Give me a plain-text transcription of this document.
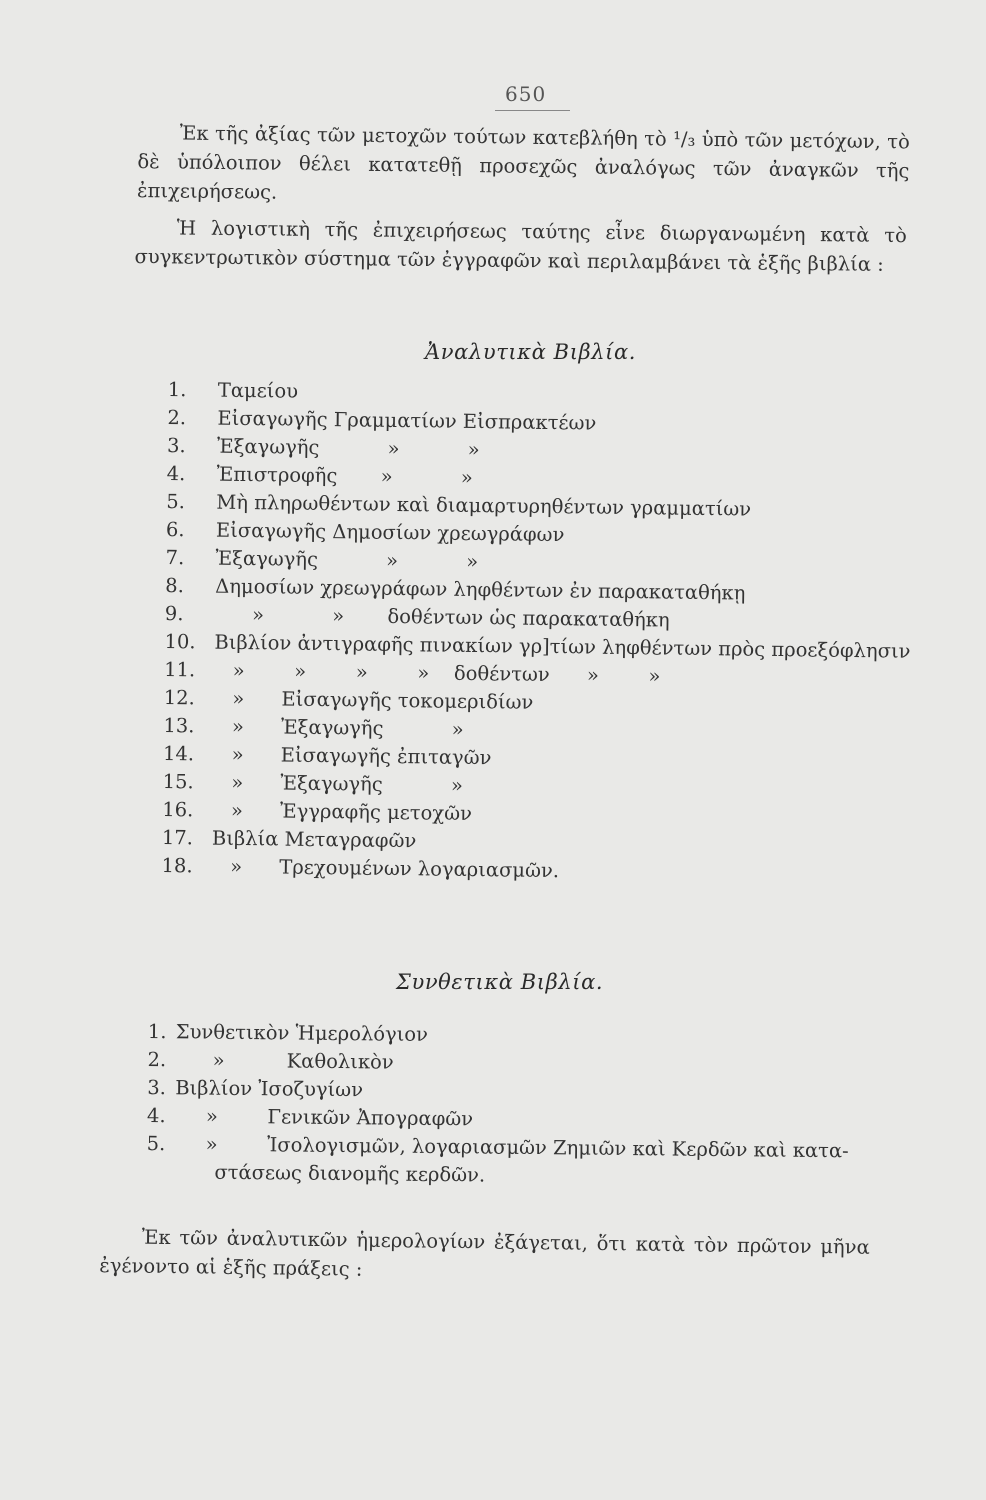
650

Ἐκ τῆς ἀξίας τῶν μετοχῶν τούτων κατεβλήθη τὸ ¹/₃ ὑπὸ τῶν μετόχων, τὸ δὲ ὑπόλοιπον θέλει κατατεθῇ προσεχῶς ἀναλόγως τῶν ἀναγκῶν τῆς ἐπιχειρήσεως.

Ἡ λογιστικὴ τῆς ἐπιχειρήσεως ταύτης εἶνε διωργανωμένη κατὰ τὸ συγκεντρωτικὸν σύστημα τῶν ἐγγραφῶν καὶ περιλαμβάνει τὰ ἑξῆς βιβλία :

Ἀναλυτικὰ Βιβλία.
1.	Ταμείου
2.	Εἰσαγωγῆς Γραμματίων Εἰσπρακτέων
3.	Ἐξαγωγῆς           »           »
4.	Ἐπιστροφῆς       »           »
5.	Μὴ πληρωθέντων καὶ διαμαρτυρηθέντων γραμματίων
6.	Εἰσαγωγῆς Δημοσίων χρεωγράφων
7.	Ἐξαγωγῆς           »           »
8.	Δημοσίων χρεωγράφων ληφθέντων ἐν παρακαταθήκῃ
9.	»           »       δοθέντων ὡς παρακαταθήκη
10. Βιβλίον ἀντιγραφῆς πινακίων γρ]τίων ληφθέντων πρὸς προεξόφλησιν
11. »        »        »        »    δοθέντων      »        »
12. »      Εἰσαγωγῆς τοκομεριδίων
13. »      Ἐξαγωγῆς           »
14. »      Εἰσαγωγῆς ἐπιταγῶν
15. »      Ἐξαγωγῆς           »
16. »      Ἐγγραφῆς μετοχῶν
17. Βιβλία Μεταγραφῶν
18. »      Τρεχουμένων λογαριασμῶν.
Συνθετικὰ Βιβλία.
1. Συνθετικὸν Ἡμερολόγιον
2. »          Καθολικὸν
3. Βιβλίον Ἰσοζυγίων
4. »        Γενικῶν Ἀπογραφῶν
5. »        Ἰσολογισμῶν, λογαριασμῶν Ζημιῶν καὶ Κερδῶν καὶ κατα-
στάσεως διανομῆς κερδῶν.

Ἐκ τῶν ἀναλυτικῶν ἡμερολογίων ἐξάγεται, ὅτι κατὰ τὸν πρῶτον μῆνα ἐγένοντο αἱ ἑξῆς πράξεις :
